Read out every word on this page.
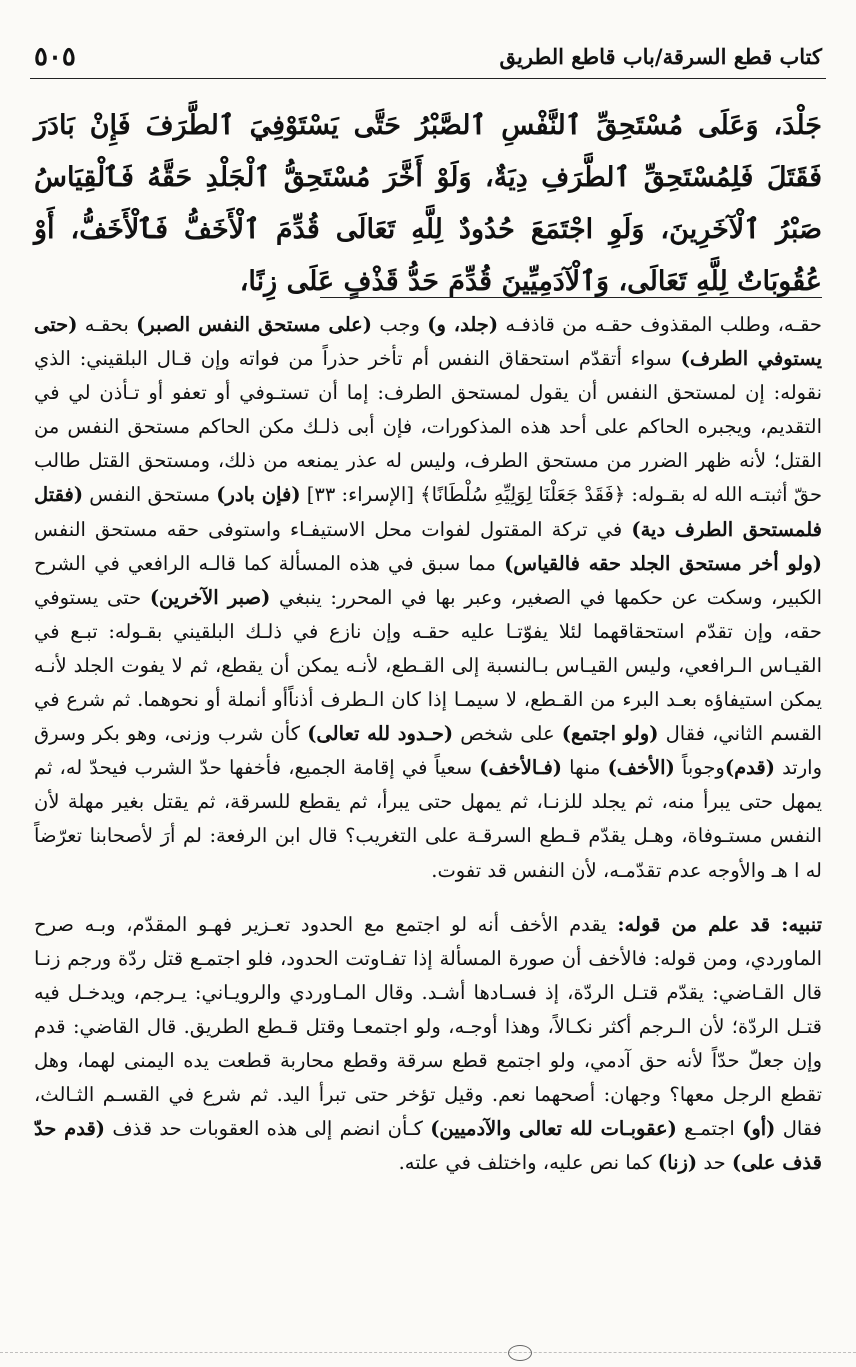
٥٠٥	كتاب قطع السرقة/باب قاطع الطريق

جَلْدَ، وَعَلَى مُسْتَحِقِّ ٱلنَّفْسِ ٱلصَّبْرُ حَتَّى يَسْتَوْفِيَ ٱلطَّرَفَ فَإِنْ بَادَرَ فَقَتَلَ فَلِمُسْتَحِقِّ ٱلطَّرَفِ دِيَةٌ، وَلَوْ أَخَّرَ مُسْتَحِقُّ ٱلْجَلْدِ حَقَّهُ فَٱلْقِيَاسُ صَبْرُ ٱلْآخَرِينَ، وَلَوِ اجْتَمَعَ حُدُودٌ لِلَّهِ تَعَالَى قُدِّمَ ٱلْأَخَفُّ فَٱلْأَخَفُّ، أَوْ عُقُوبَاتٌ لِلَّهِ تَعَالَى، وَٱلْآدَمِيِّينَ قُدِّمَ حَدُّ قَذْفٍ عَلَى زِنًا،

حقـه، وطلب المقذوف حقـه من قاذفـه (جلد، و) وجب (على مستحق النفس الصبر) بحقـه (حتى يستوفي الطرف) سواء أتقدّم استحقاق النفس أم تأخر حذراً من فواته وإن قـال البلقيني: الذي نقوله: إن لمستحق النفس أن يقول لمستحق الطرف: إما أن تستـوفي أو تعفو أو تـأذن لي في التقديم، ويجبره الحاكم على أحد هذه المذكورات، فإن أبى ذلـك مكن الحاكم مستحق النفس من القتل؛ لأنه ظهر الضرر من مستحق الطرف، وليس له عذر يمنعه من ذلك، ومستحق القتل طالب حقّ أثبتـه الله له بقـوله: ﴿فَقَدْ جَعَلْنَا لِوَلِيِّهِ سُلْطَانًا﴾ [الإسراء: ٣٣] (فإن بادر) مستحق النفس (فقتل فلمستحق الطرف دية) في تركة المقتول لفوات محل الاستيفـاء واستوفى حقه مستحق النفس (ولو أخر مستحق الجلد حقه فالقياس) مما سبق في هذه المسألة كما قالـه الرافعي في الشرح الكبير، وسكت عن حكمها في الصغير، وعبر بها في المحرر: ينبغي (صبر الآخرين) حتى يستوفي حقه، وإن تقدّم استحقاقهما لئلا يفوّتـا عليه حقـه وإن نازع في ذلـك البلقيني بقـوله: تبـع في القيـاس الـرافعي، وليس القيـاس بـالنسبة إلى القـطع، لأنـه يمكن أن يقطع، ثم لا يفوت الجلد لأنـه يمكن استيفاؤه بعـد البرء من القـطع، لا سيمـا إذا كان الـطرف أذناًأو أنملة أو نحوهما. ثم شرع في القسم الثاني، فقال (ولو اجتمع) على شخص (حـدود لله تعالى) كأن شرب وزنى، وهو بكر وسرق وارتد (قدم)وجوباً (الأخف) منها (فـالأخف) سعياً في إقامة الجميع، فأخفها حدّ الشرب فيحدّ له، ثم يمهل حتى يبرأ منه، ثم يجلد للزنـا، ثم يمهل حتى يبرأ، ثم يقطع للسرقة، ثم يقتل بغير مهلة لأن النفس مستـوفاة، وهـل يقدّم قـطع السرقـة على التغريب؟ قال ابن الرفعة: لم أرَ لأصحابنا تعرّضاً له ا هـ والأوجه عدم تقدّمـه، لأن النفس قد تفوت.

تنبيه: قد علم من قوله: يقدم الأخف أنه لو اجتمع مع الحدود تعـزير فهـو المقدّم، وبـه صرح الماوردي، ومن قوله: فالأخف أن صورة المسألة إذا تفـاوتت الحدود، فلو اجتمـع قتل ردّة ورجم زنـا قال القـاضي: يقدّم قتـل الردّة، إذ فسـادها أشـد. وقال المـاوردي والرويـاني: يـرجم، ويدخـل فيه قتـل الردّة؛ لأن الـرجم أكثر نكـالاً، وهذا أوجـه، ولو اجتمعـا وقتل قـطع الطريق. قال القاضي: قدم وإن جعلّ حدّاً لأنه حق آدمي، ولو اجتمع قطع سرقة وقطع محاربة قطعت يده اليمنى لهما، وهل تقطع الرجل معها؟ وجهان: أصحهما نعم. وقيل تؤخر حتى تبرأ اليد. ثم شرع في القسـم الثـالث، فقال (أو) اجتمـع (عقوبـات لله تعالى والآدميين) كـأن انضم إلى هذه العقوبات حد قذف (قدم حدّ قذف على) حد (زنا) كما نص عليه، واختلف في علته.
